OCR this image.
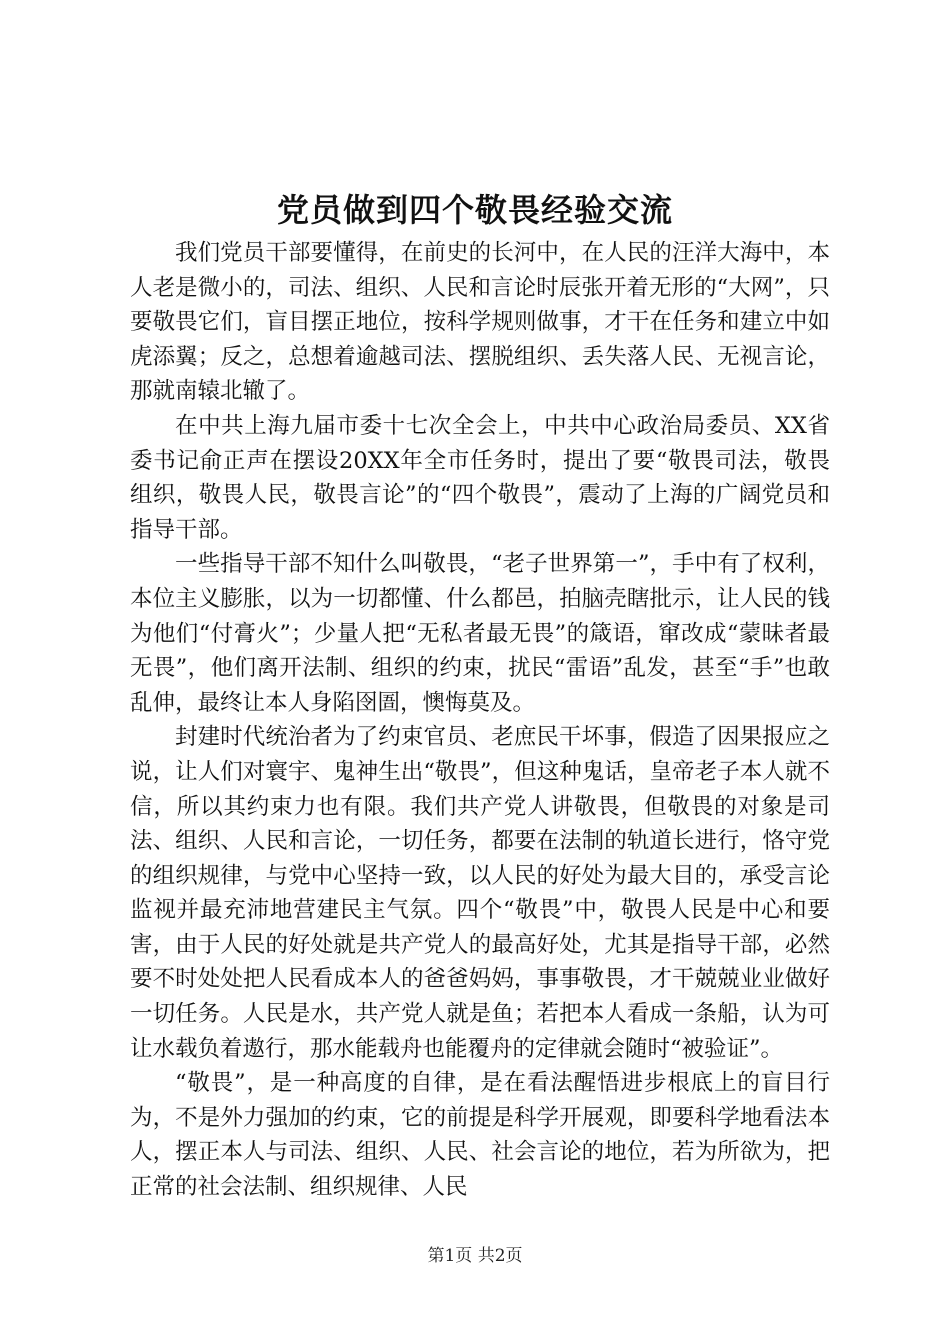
党员做到四个敬畏经验交流

我们党员干部要懂得，在前史的长河中，在人民的汪洋大海中，本人老是微小的，司法、组织、人民和言论时辰张开着无形的“大网”，只要敬畏它们，盲目摆正地位，按科学规则做事，才干在任务和建立中如虎添翼；反之，总想着逾越司法、摆脱组织、丢失落人民、无视言论，那就南辕北辙了。

在中共上海九届市委十七次全会上，中共中心政治局委员、XX省委书记俞正声在摆设20XX年全市任务时，提出了要“敬畏司法，敬畏组织，敬畏人民，敬畏言论”的“四个敬畏”，震动了上海的广阔党员和指导干部。

一些指导干部不知什么叫敬畏，“老子世界第一”，手中有了权利，本位主义膨胀，以为一切都懂、什么都邑，拍脑壳瞎批示，让人民的钱为他们“付膏火”；少量人把“无私者最无畏”的箴语，窜改成“蒙昧者最无畏”，他们离开法制、组织的约束，扰民“雷语”乱发，甚至“手”也敢乱伸，最终让本人身陷囹圄，懊悔莫及。

封建时代统治者为了约束官员、老庶民干坏事，假造了因果报应之说，让人们对寰宇、鬼神生出“敬畏”，但这种鬼话，皇帝老子本人就不信，所以其约束力也有限。我们共产党人讲敬畏，但敬畏的对象是司法、组织、人民和言论，一切任务，都要在法制的轨道长进行，恪守党的组织规律，与党中心坚持一致，以人民的好处为最大目的，承受言论监视并最充沛地营建民主气氛。四个“敬畏”中，敬畏人民是中心和要害，由于人民的好处就是共产党人的最高好处，尤其是指导干部，必然要不时处处把人民看成本人的爸爸妈妈，事事敬畏，才干兢兢业业做好一切任务。人民是水，共产党人就是鱼；若把本人看成一条船，认为可让水载负着遨行，那水能载舟也能覆舟的定律就会随时“被验证”。

“敬畏”，是一种高度的自律，是在看法醒悟进步根底上的盲目行为，不是外力强加的约束，它的前提是科学开展观，即要科学地看法本人，摆正本人与司法、组织、人民、社会言论的地位，若为所欲为，把正常的社会法制、组织规律、人民

第1页 共2页
